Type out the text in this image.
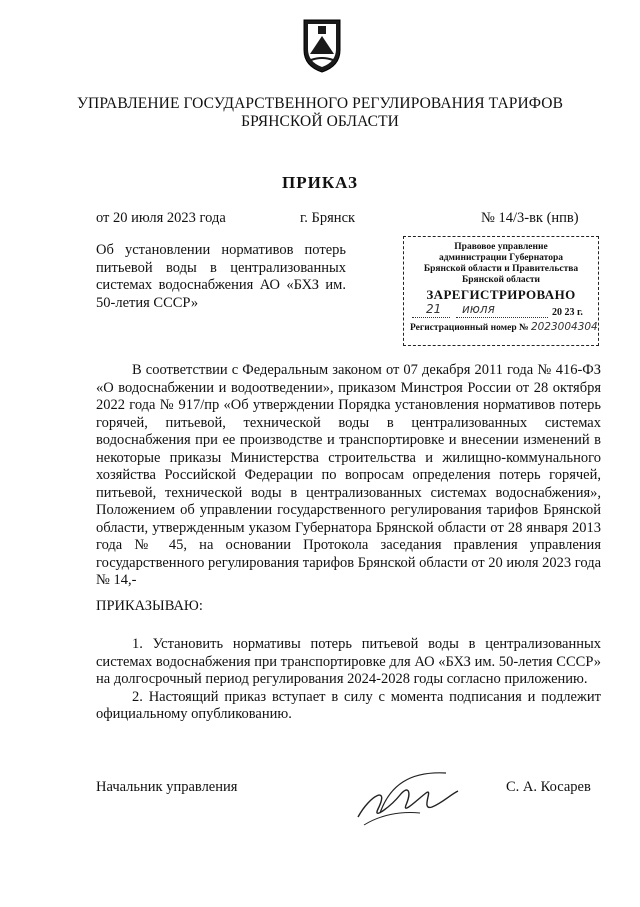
УПРАВЛЕНИЕ ГОСУДАРСТВЕННОГО РЕГУЛИРОВАНИЯ ТАРИФОВ
БРЯНСКОЙ ОБЛАСТИ
ПРИКАЗ
от 20 июля 2023 года	г. Брянск	№ 14/3-вк (нпв)
Об установлении нормативов потерь питьевой воды в централизованных системах водоснабжения АО «БХЗ им. 50-летия СССР»
Правовое управление
администрации Губернатора
Брянской области и Правительства
Брянской области
ЗАРЕГИСТРИРОВАНО
21 июля	20 23 г.
Регистрационный номер № 2023004304

В соответствии с Федеральным законом от 07 декабря 2011 года № 416-ФЗ «О водоснабжении и водоотведении», приказом Минстроя России от 28 октября 2022 года № 917/пр «Об утверждении Порядка установления нормативов потерь горячей, питьевой, технической воды в централизованных системах водоснабжения при ее производстве и транспортировке и внесении изменений в некоторые приказы Министерства строительства и жилищно-коммунального хозяйства Российской Федерации по вопросам определения потерь горячей, питьевой, технической воды в централизованных системах водоснабжения», Положением об управлении государственного регулирования тарифов Брянской области, утвержденным указом Губернатора Брянской области от 28 января 2013 года № 45, на основании Протокола заседания правления управления государственного регулирования тарифов Брянской области от 20 июля 2023 года № 14,-

ПРИКАЗЫВАЮ:

1. Установить нормативы потерь питьевой воды в централизованных системах водоснабжения при транспортировке для АО «БХЗ им. 50-летия СССР» на долгосрочный период регулирования 2024-2028 годы согласно приложению.

2. Настоящий приказ вступает в силу с момента подписания и подлежит официальному опубликованию.

Начальник управления	С. А. Косарев
